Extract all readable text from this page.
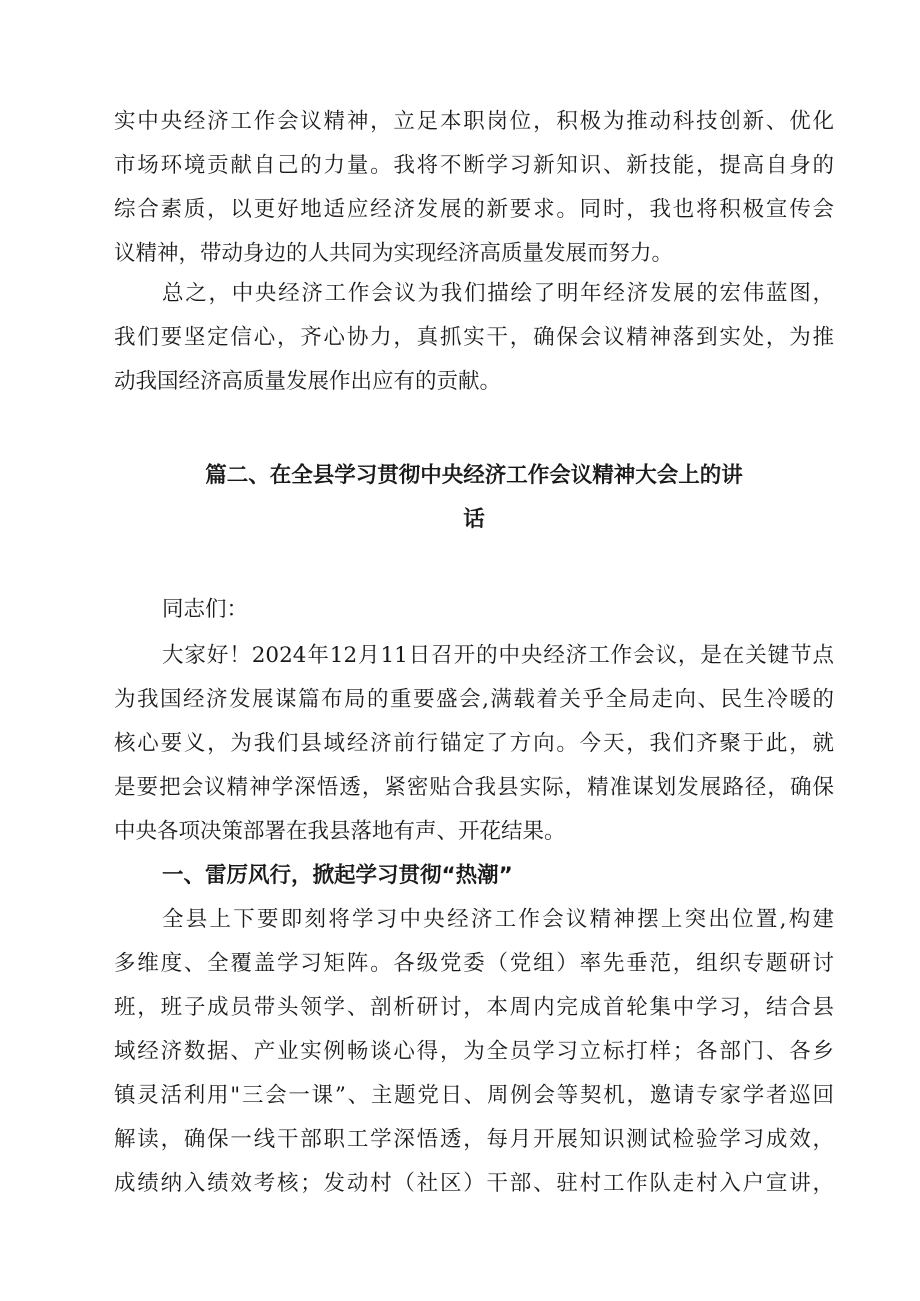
实中央经济工作会议精神，立足本职岗位，积极为推动科技创新、优化
市场环境贡献自己的力量。我将不断学习新知识、新技能，提高自身的
综合素质，以更好地适应经济发展的新要求。同时，我也将积极宣传会
议精神，带动身边的人共同为实现经济高质量发展而努力。
总之，中央经济工作会议为我们描绘了明年经济发展的宏伟蓝图，
我们要坚定信心，齐心协力，真抓实干，确保会议精神落到实处，为推
动我国经济高质量发展作出应有的贡献。
篇二、在全县学习贯彻中央经济工作会议精神大会上的讲
话
同志们：
大家好！2024年12月11日召开的中央经济工作会议，是在关键节点
为我国经济发展谋篇布局的重要盛会,满载着关乎全局走向、民生冷暖的
核心要义，为我们县域经济前行锚定了方向。今天，我们齐聚于此，就
是要把会议精神学深悟透，紧密贴合我县实际，精准谋划发展路径，确保
中央各项决策部署在我县落地有声、开花结果。
一、雷厉风行，掀起学习贯彻“热潮”
全县上下要即刻将学习中央经济工作会议精神摆上突出位置,构建
多维度、全覆盖学习矩阵。各级党委（党组）率先垂范，组织专题研讨
班，班子成员带头领学、剖析研讨，本周内完成首轮集中学习，结合县
域经济数据、产业实例畅谈心得，为全员学习立标打样；各部门、各乡
镇灵活利用"三会一课”、主题党日、周例会等契机，邀请专家学者巡回
解读，确保一线干部职工学深悟透，每月开展知识测试检验学习成效，
成绩纳入绩效考核；发动村（社区）干部、驻村工作队走村入户宣讲，
